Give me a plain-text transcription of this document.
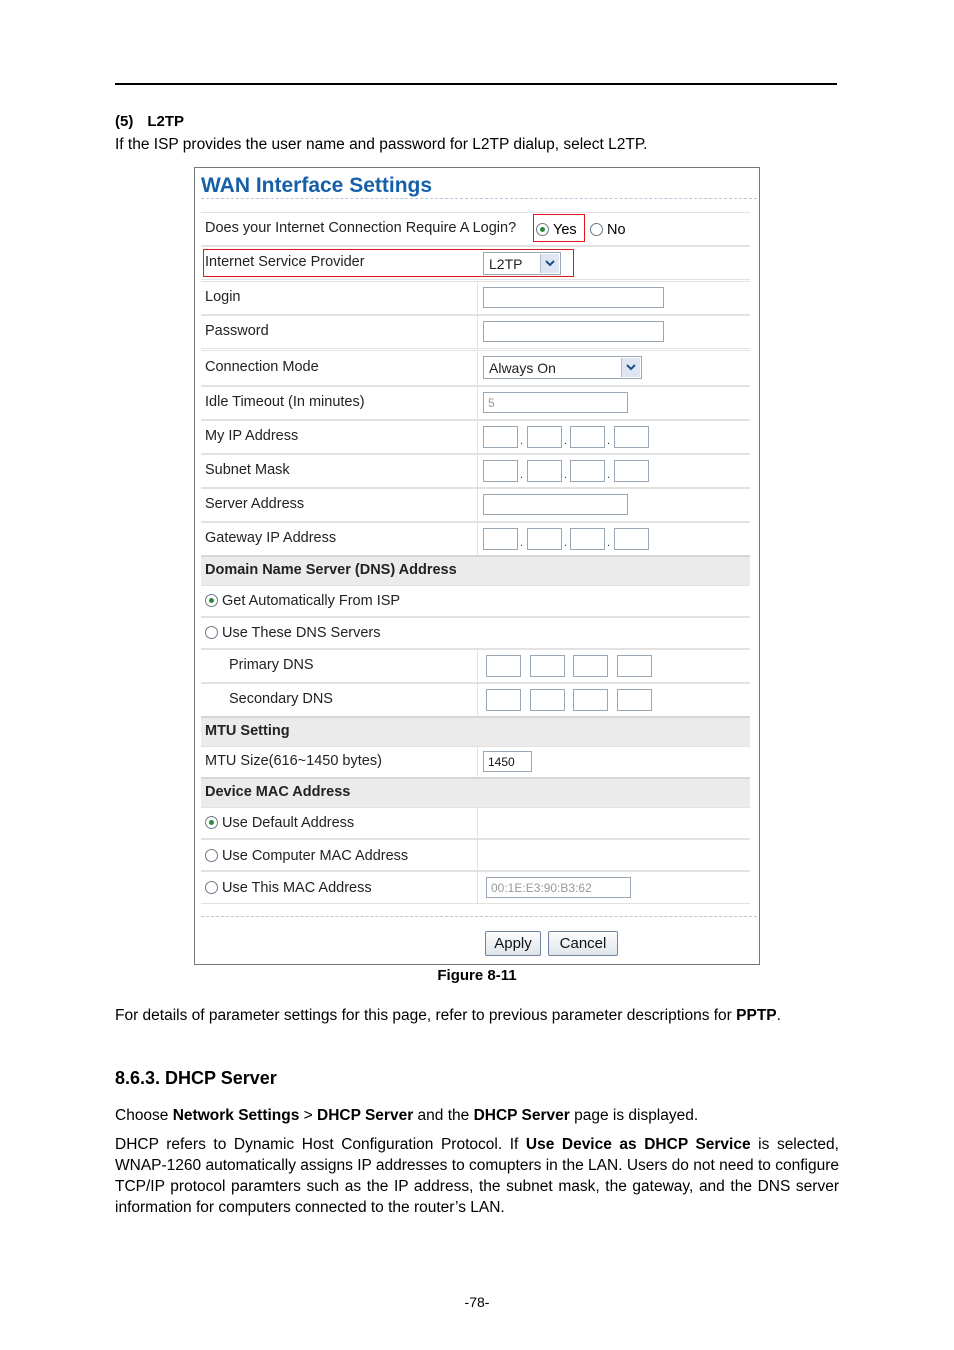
(5) L2TP
If the ISP provides the user name and password for L2TP dialup, select L2TP.
WAN Interface Settings
Does your Internet Connection Require A Login?	Yes	No
Internet Service Provider	L2TP
Login
Password
Connection Mode	Always On
Idle Timeout (In minutes)	5
My IP Address	.	.	.
Subnet Mask	.	.	.
Server Address
Gateway IP Address	.	.	.
Domain Name Server (DNS) Address
Get Automatically From ISP
Use These DNS Servers
Primary DNS
Secondary DNS
MTU Setting
MTU Size(616~1450 bytes)	1450
Device MAC Address
Use Default Address
Use Computer MAC Address
Use This MAC Address	00:1E:E3:90:B3:62
Apply	Cancel
Figure 8-11
For details of parameter settings for this page, refer to previous parameter descriptions for PPTP.
8.6.3. DHCP Server
Choose Network Settings > DHCP Server and the DHCP Server page is displayed.
DHCP refers to Dynamic Host Configuration Protocol. If Use Device as DHCP Service is selected, WNAP-1260 automatically assigns IP addresses to comupters in the LAN. Users do not need to configure TCP/IP protocol paramters such as the IP address, the subnet mask, the gateway, and the DNS server information for computers connected to the router’s LAN.
-78-
